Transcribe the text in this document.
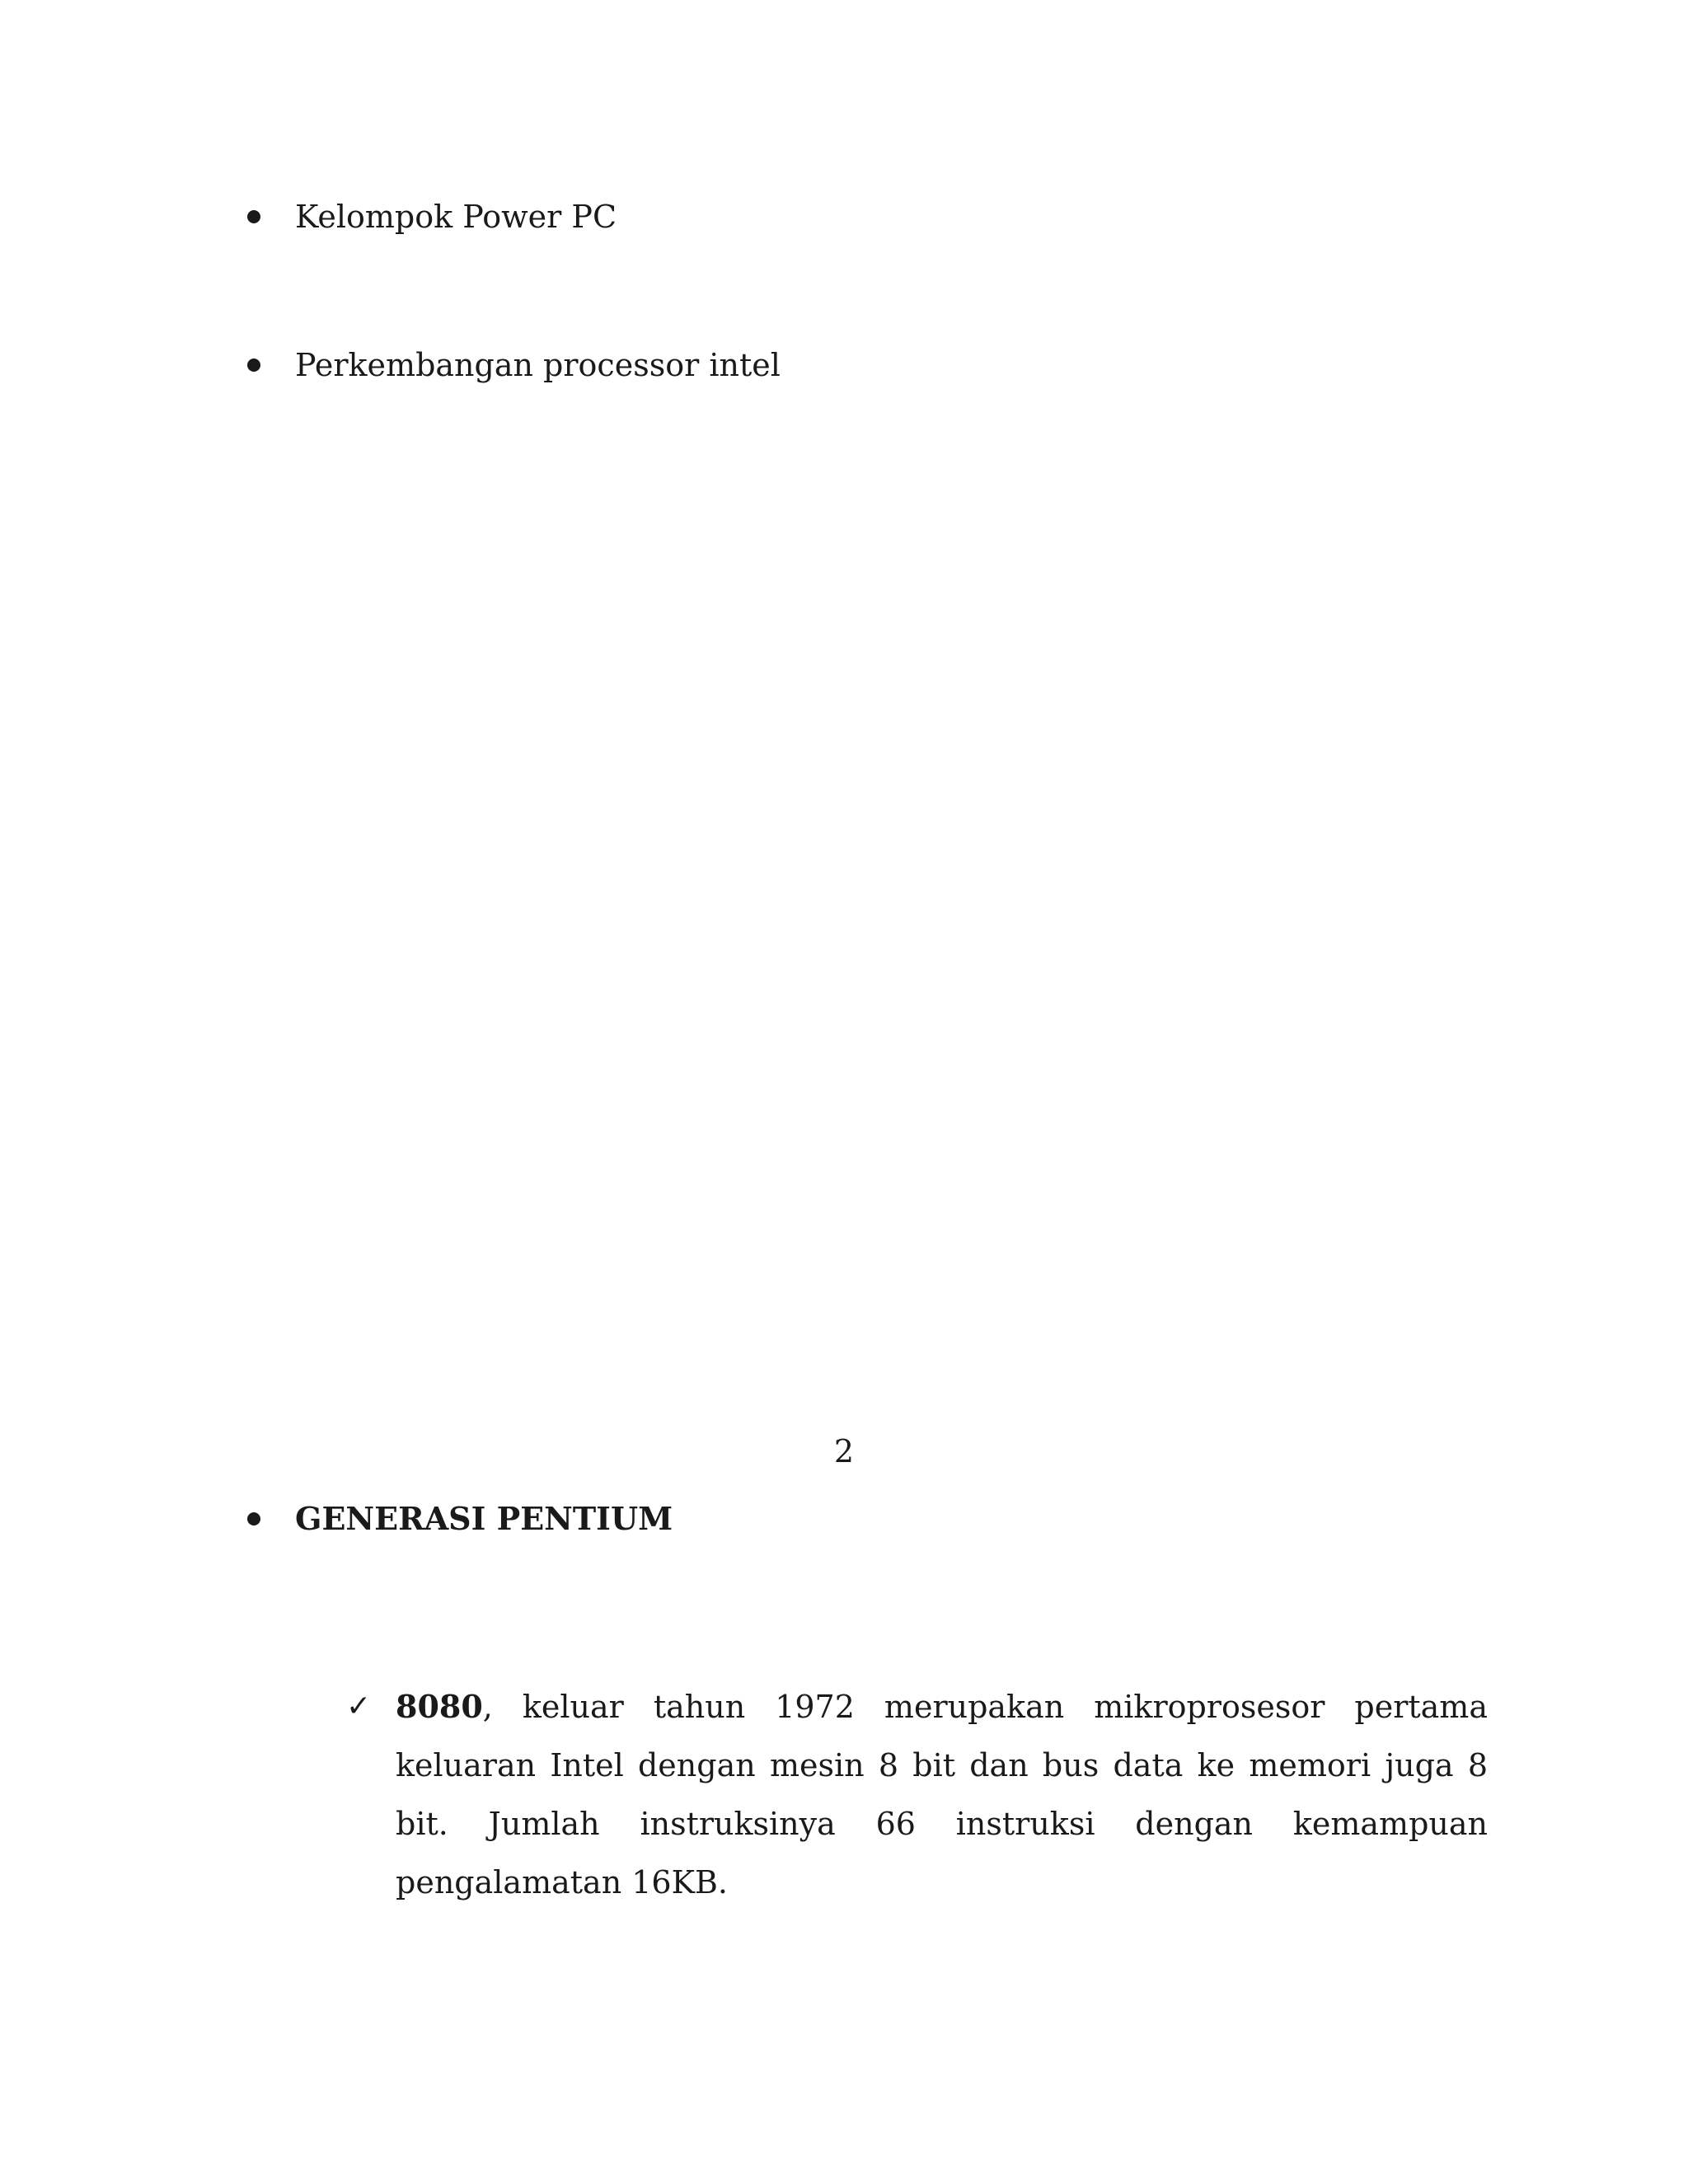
Kelompok Power PC
Perkembangan processor intel
2
GENERASI PENTIUM
✓ 8080, keluar tahun 1972 merupakan mikroprosesor pertama keluaran Intel dengan mesin 8 bit dan bus data ke memori juga 8 bit. Jumlah instruksinya 66 instruksi dengan kemampuan pengalamatan 16KB.
